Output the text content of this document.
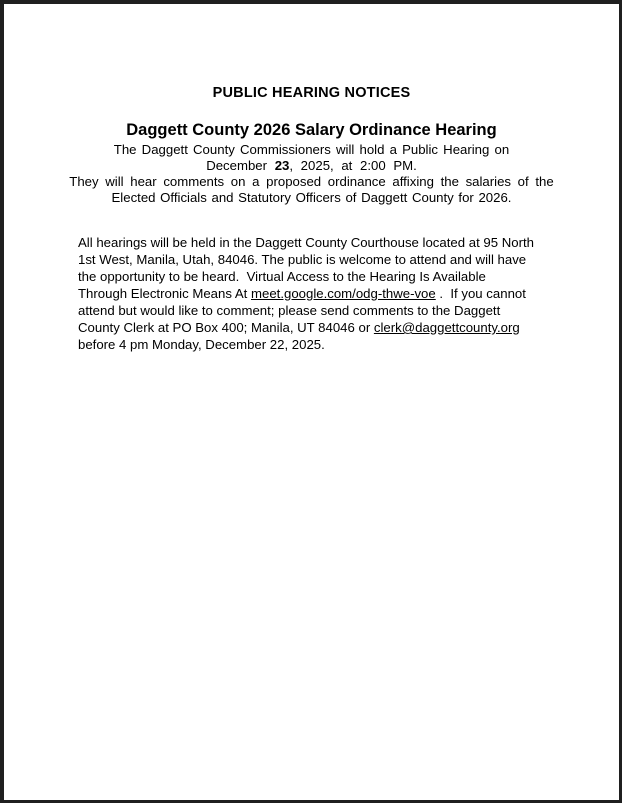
PUBLIC HEARING NOTICES
Daggett County 2026 Salary Ordinance Hearing
The Daggett County Commissioners will hold a Public Hearing on
December 23, 2025, at 2:00 PM.
They will hear comments on a proposed ordinance affixing the salaries of the
Elected Officials and Statutory Officers of Daggett County for 2026.
All hearings will be held in the Daggett County Courthouse located at 95 North
1st West, Manila, Utah, 84046. The public is welcome to attend and will have
the opportunity to be heard.  Virtual Access to the Hearing Is Available
Through Electronic Means At meet.google.com/odg-thwe-voe .  If you cannot
attend but would like to comment; please send comments to the Daggett
County Clerk at PO Box 400; Manila, UT 84046 or clerk@daggettcounty.org
before 4 pm Monday, December 22, 2025.
